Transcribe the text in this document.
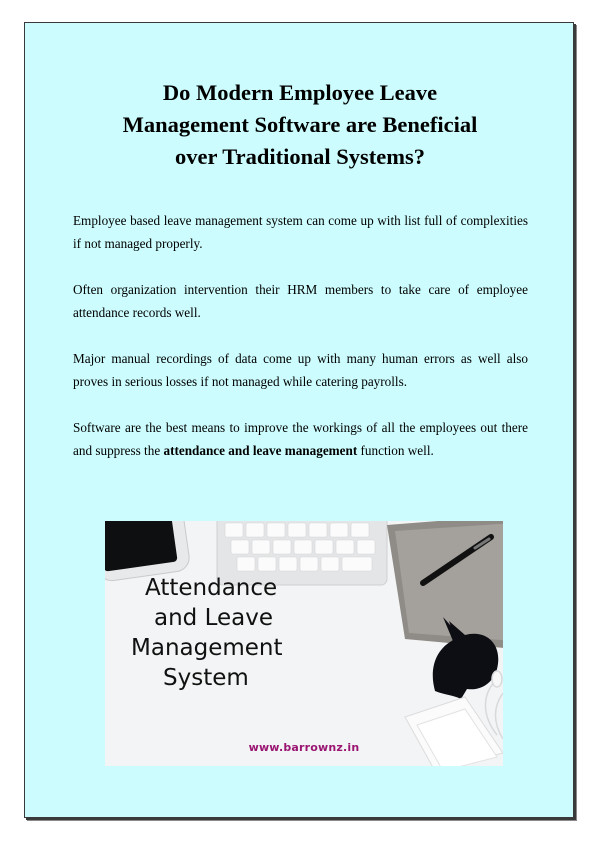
Do Modern Employee Leave
Management Software are Beneficial
over Traditional Systems?

Employee based leave management system can come up with list full of complexities if not managed properly.

Often organization intervention their HRM members to take care of employee attendance records well.

Major manual recordings of data come up with many human errors as well also proves in serious losses if not managed while catering payrolls.

Software are the best means to improve the workings of all the employees out there and suppress the attendance and leave management function well.

Attendance
and Leave
Management
System
www.barrownz.in
